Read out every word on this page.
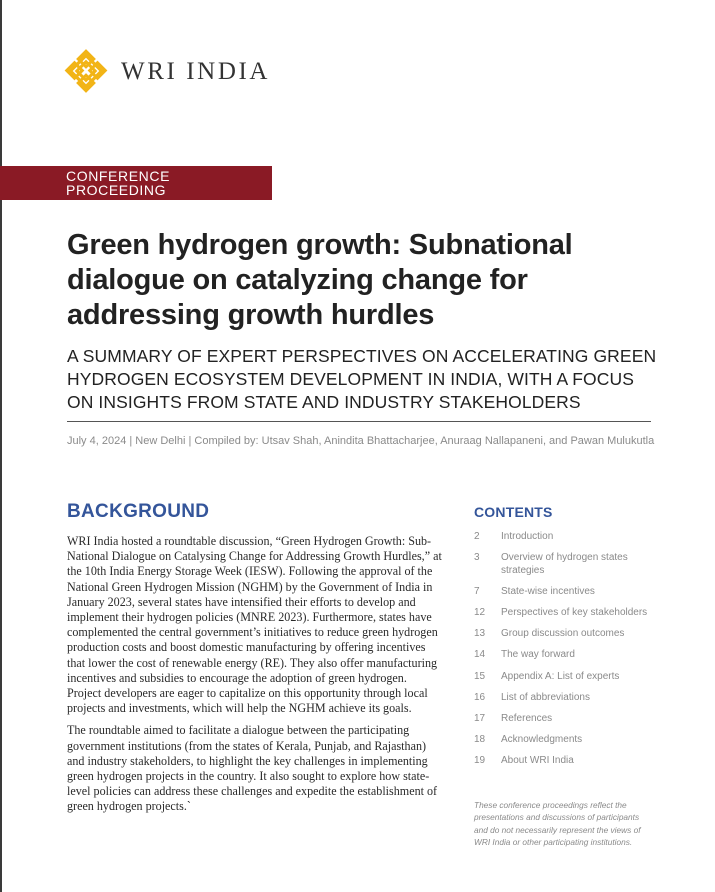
WRI INDIA
CONFERENCE PROCEEDING
Green hydrogen growth: Subnational dialogue on catalyzing change for addressing growth hurdles
A SUMMARY OF EXPERT PERSPECTIVES ON ACCELERATING GREEN HYDROGEN ECOSYSTEM DEVELOPMENT IN INDIA, WITH A FOCUS ON INSIGHTS FROM STATE AND INDUSTRY STAKEHOLDERS
July 4, 2024 | New Delhi | Compiled by: Utsav Shah, Anindita Bhattacharjee, Anuraag Nallapaneni, and Pawan Mulukutla
BACKGROUND

WRI India hosted a roundtable discussion, “Green Hydrogen Growth: Sub-National Dialogue on Catalysing Change for Addressing Growth Hurdles,” at the 10th India Energy Storage Week (IESW). Following the approval of the National Green Hydrogen Mission (NGHM) by the Government of India in January 2023, several states have intensified their efforts to develop and implement their hydrogen policies (MNRE 2023). Furthermore, states have complemented the central government’s initiatives to reduce green hydrogen production costs and boost domestic manufacturing by offering incentives that lower the cost of renewable energy (RE). They also offer manufacturing incentives and subsidies to encourage the adoption of green hydrogen. Project developers are eager to capitalize on this opportunity through local projects and investments, which will help the NGHM achieve its goals.

The roundtable aimed to facilitate a dialogue between the participating government institutions (from the states of Kerala, Punjab, and Rajasthan) and industry stakeholders, to highlight the key challenges in implementing green hydrogen projects in the country. It also sought to explore how state-level policies can address these challenges and expedite the establishment of green hydrogen projects.`

CONTENTS
2	Introduction
3	Overview of hydrogen states strategies
7	State-wise incentives
12	Perspectives of key stakeholders
13	Group discussion outcomes
14	The way forward
15	Appendix A: List of experts
16	List of abbreviations
17	References
18	Acknowledgments
19	About WRI India

These conference proceedings reflect the presentations and discussions of participants and do not necessarily represent the views of WRI India or other participating institutions.
